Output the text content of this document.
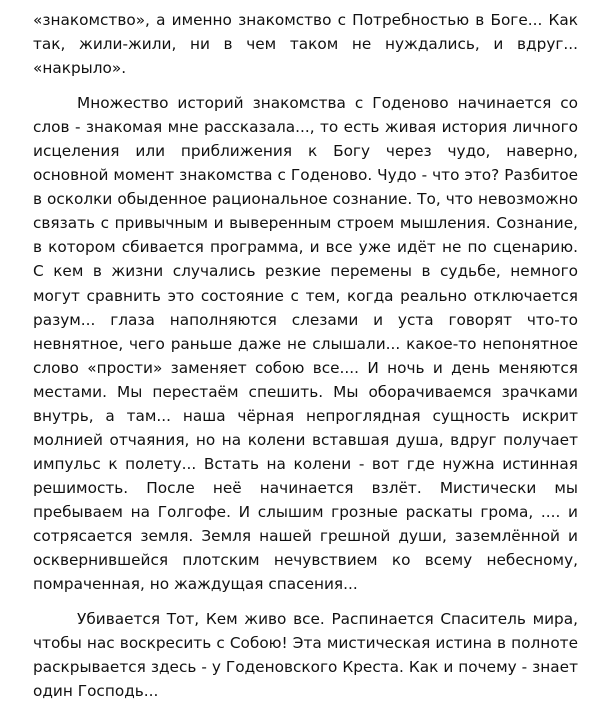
«знакомство», а именно знакомство с Потребностью в Боге... Как так, жили-жили, ни в чем таком не нуждались, и вдруг... «накрыло».

Множество историй знакомства с Годеново начинается со слов - знакомая мне рассказала..., то есть живая история личного исцеления или приближения к Богу через чудо, наверно, основной момент знакомства с Годеново. Чудо - что это? Разбитое в осколки обыденное рациональное сознание. То, что невозможно связать с привычным и выверенным строем мышления. Сознание, в котором сбивается программа, и все уже идёт не по сценарию. С кем в жизни случались резкие перемены в судьбе, немного могут сравнить это состояние с тем, когда реально отключается разум... глаза наполняются слезами и уста говорят что-то невнятное, чего раньше даже не слышали... какое-то непонятное слово «прости» заменяет собою все.... И ночь и день меняются местами. Мы перестаём спешить. Мы оборачиваемся зрачками внутрь, а там... наша чёрная непроглядная сущность искрит молнией отчаяния, но на колени вставшая душа, вдруг получает импульс к полету... Встать на колени - вот где нужна истинная решимость. После неё начинается взлёт. Мистически мы пребываем на Голгофе. И слышим грозные раскаты грома, .... и сотрясается земля. Земля нашей грешной души, заземлённой и осквернившейся плотским нечувствием ко всему небесному, помраченная, но жаждущая спасения...

Убивается Тот, Кем живо все. Распинается Спаситель мира, чтобы нас воскресить с Собою! Эта мистическая истина в полноте раскрывается здесь - у Годеновского Креста. Как и почему - знает один Господь...
